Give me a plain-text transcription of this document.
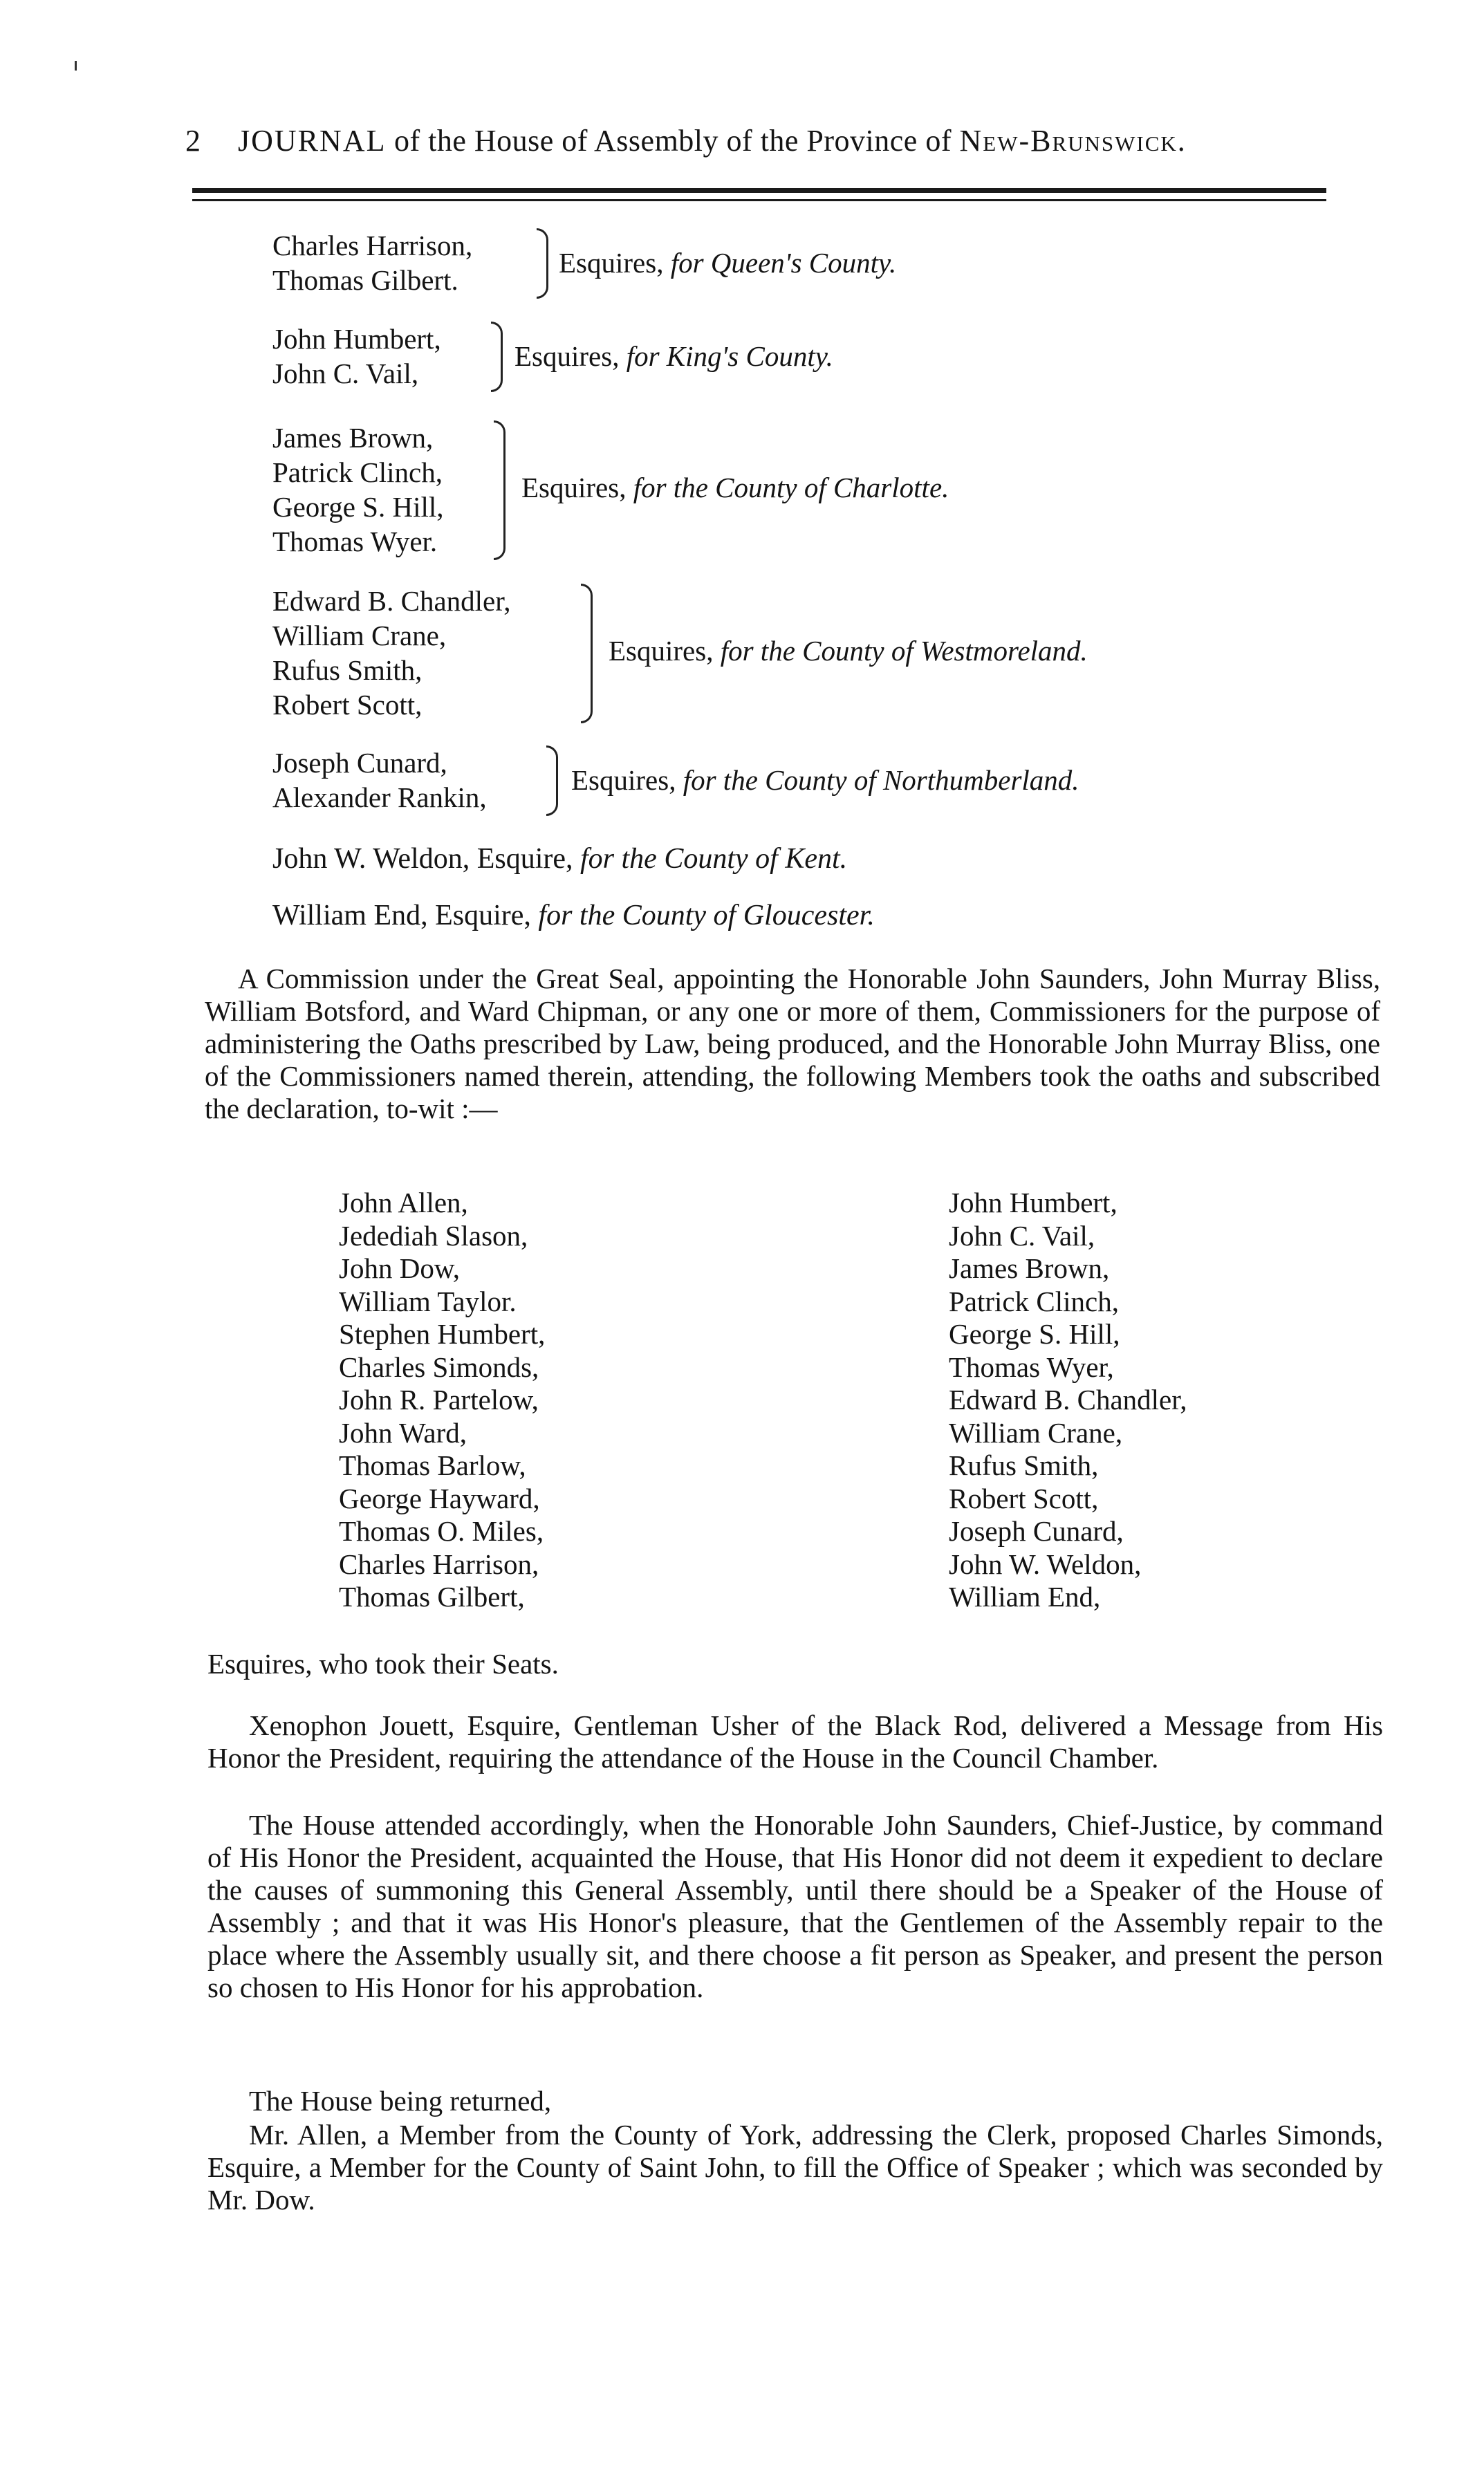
2 JOURNAL of the House of Assembly of the Province of New-Brunswick.
Charles Harrison,
Thomas Gilbert.
Esquires, for Queen's County.
John Humbert,
John C. Vail,
Esquires, for King's County.
James Brown,
Patrick Clinch,
George S. Hill,
Thomas Wyer.
Esquires, for the County of Charlotte.
Edward B. Chandler,
William Crane,
Rufus Smith,
Robert Scott,
Esquires, for the County of Westmoreland.
Joseph Cunard,
Alexander Rankin,
Esquires, for the County of Northumberland.
John W. Weldon, Esquire, for the County of Kent.
William End, Esquire, for the County of Gloucester.
A Commission under the Great Seal, appointing the Honorable John Saunders, John Murray Bliss, William Botsford, and Ward Chipman, or any one or more of them, Commissioners for the purpose of administering the Oaths prescribed by Law, being produced, and the Honorable John Murray Bliss, one of the Commissioners named therein, attending, the following Members took the oaths and subscribed the declaration, to-wit :—
John Allen,
Jedediah Slason,
John Dow,
William Taylor.
Stephen Humbert,
Charles Simonds,
John R. Partelow,
John Ward,
Thomas Barlow,
George Hayward,
Thomas O. Miles,
Charles Harrison,
Thomas Gilbert,
John Humbert,
John C. Vail,
James Brown,
Patrick Clinch,
George S. Hill,
Thomas Wyer,
Edward B. Chandler,
William Crane,
Rufus Smith,
Robert Scott,
Joseph Cunard,
John W. Weldon,
William End,
Esquires, who took their Seats.
Xenophon Jouett, Esquire, Gentleman Usher of the Black Rod, delivered a Message from His Honor the President, requiring the attendance of the House in the Council Chamber.
The House attended accordingly, when the Honorable John Saunders, Chief-Justice, by command of His Honor the President, acquainted the House, that His Honor did not deem it expedient to declare the causes of summoning this General Assembly, until there should be a Speaker of the House of Assembly ; and that it was His Honor's pleasure, that the Gentlemen of the Assembly repair to the place where the Assembly usually sit, and there choose a fit person as Speaker, and present the person so chosen to His Honor for his approbation.
The House being returned,
Mr. Allen, a Member from the County of York, addressing the Clerk, proposed Charles Simonds, Esquire, a Member for the County of Saint John, to fill the Office of Speaker ; which was seconded by Mr. Dow.
